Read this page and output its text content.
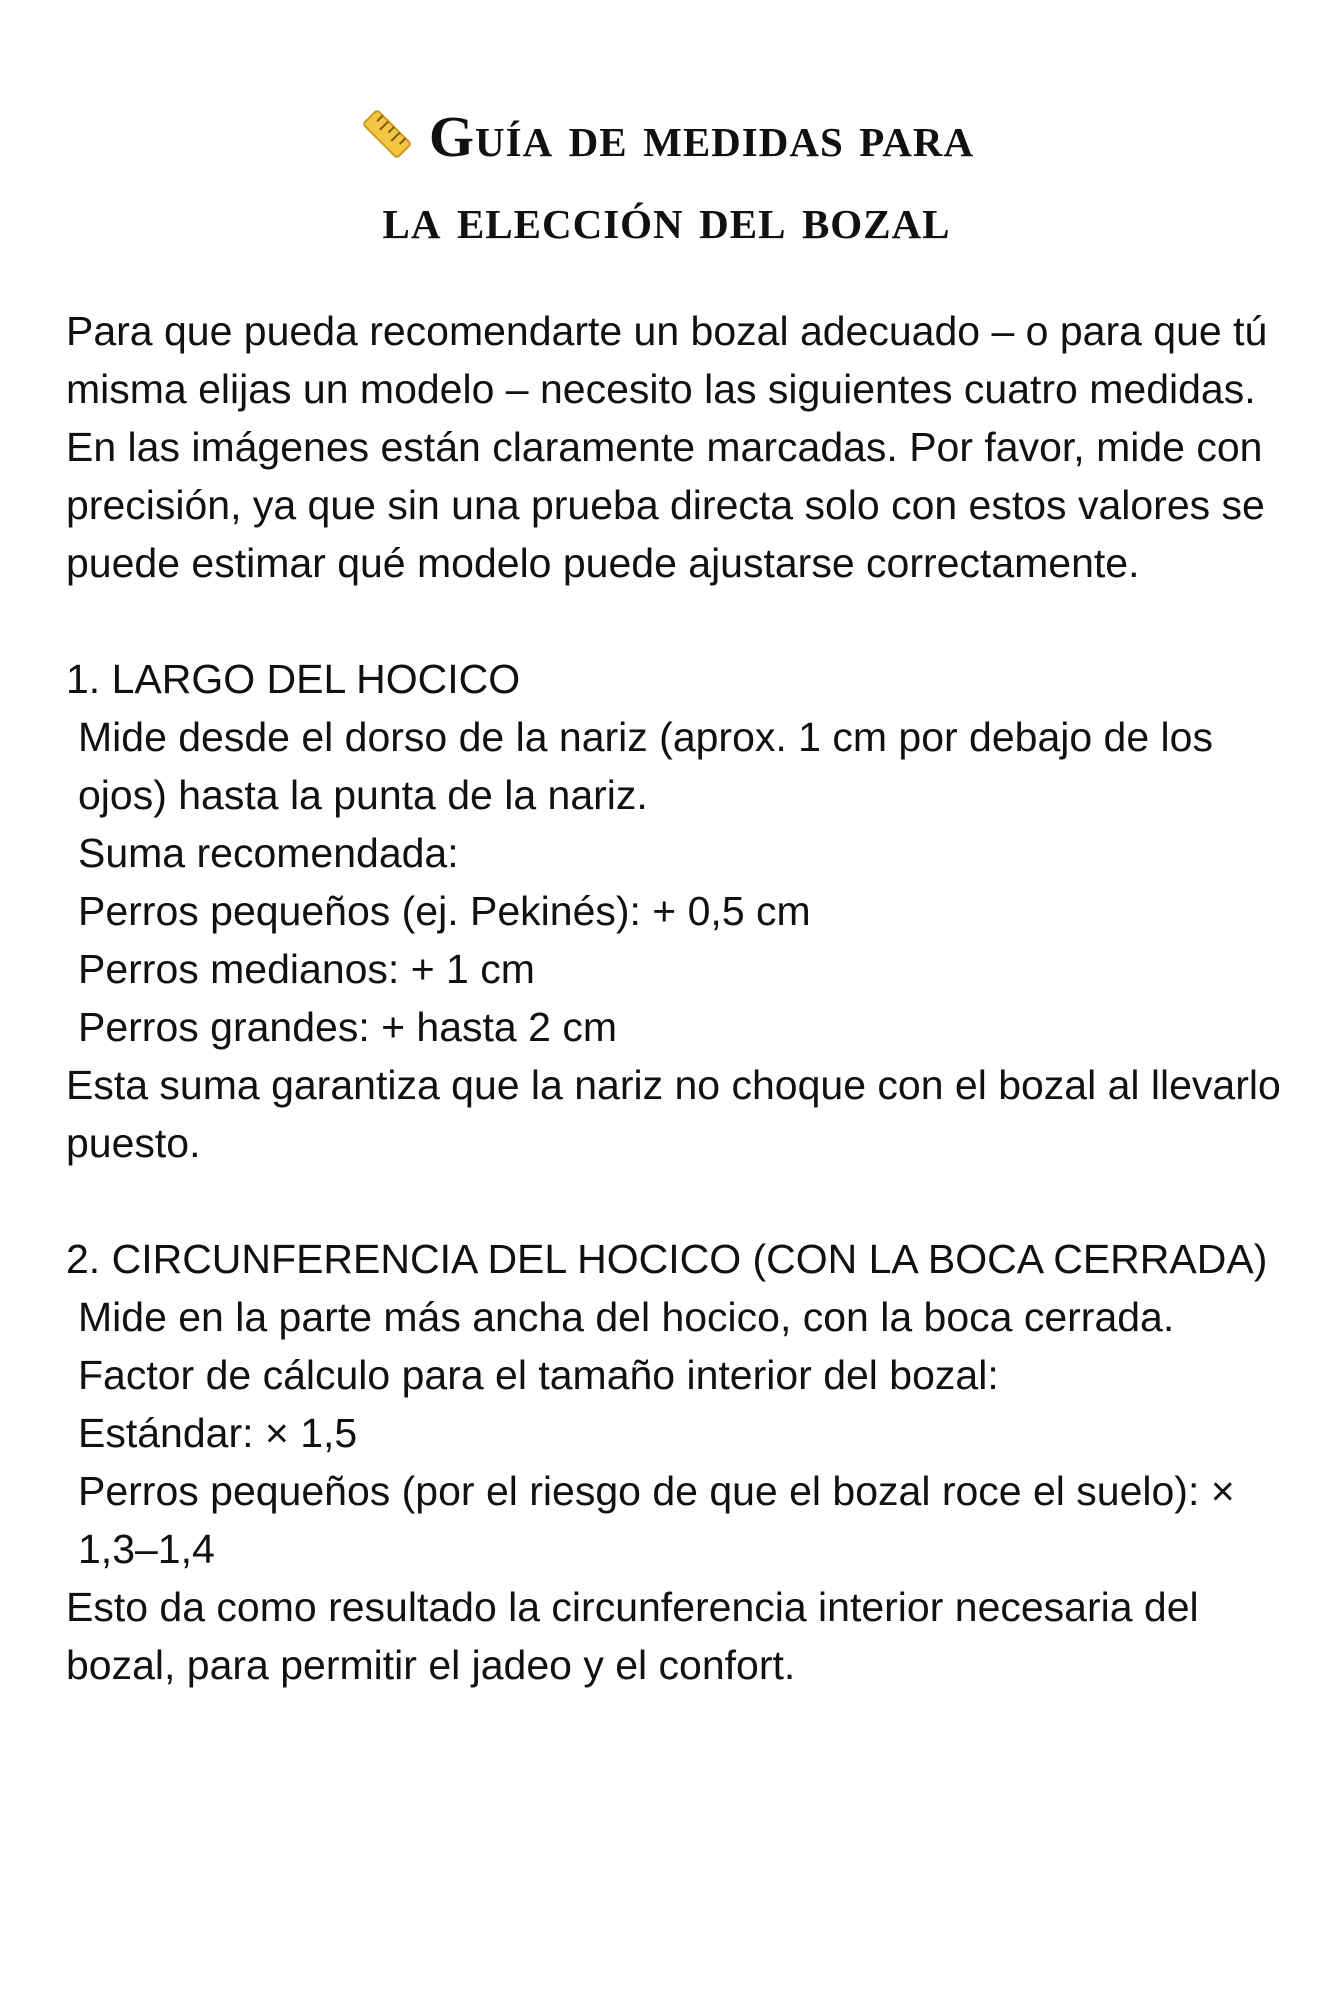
Guía de medidas para
la elección del bozal

Para que pueda recomendarte un bozal adecuado – o para que tú misma elijas un modelo – necesito las siguientes cuatro medidas. En las imágenes están claramente marcadas. Por favor, mide con precisión, ya que sin una prueba directa solo con estos valores se puede estimar qué modelo puede ajustarse correctamente.

1. LARGO DEL HOCICO
Mide desde el dorso de la nariz (aprox. 1 cm por debajo de los ojos) hasta la punta de la nariz.
Suma recomendada:
Perros pequeños (ej. Pekinés): + 0,5 cm
Perros medianos: + 1 cm
Perros grandes: + hasta 2 cm
Esta suma garantiza que la nariz no choque con el bozal al llevarlo puesto.
2. CIRCUNFERENCIA DEL HOCICO (CON LA BOCA CERRADA)
Mide en la parte más ancha del hocico, con la boca cerrada.
Factor de cálculo para el tamaño interior del bozal:
Estándar: × 1,5
Perros pequeños (por el riesgo de que el bozal roce el suelo): × 1,3–1,4
Esto da como resultado la circunferencia interior necesaria del bozal, para permitir el jadeo y el confort.
